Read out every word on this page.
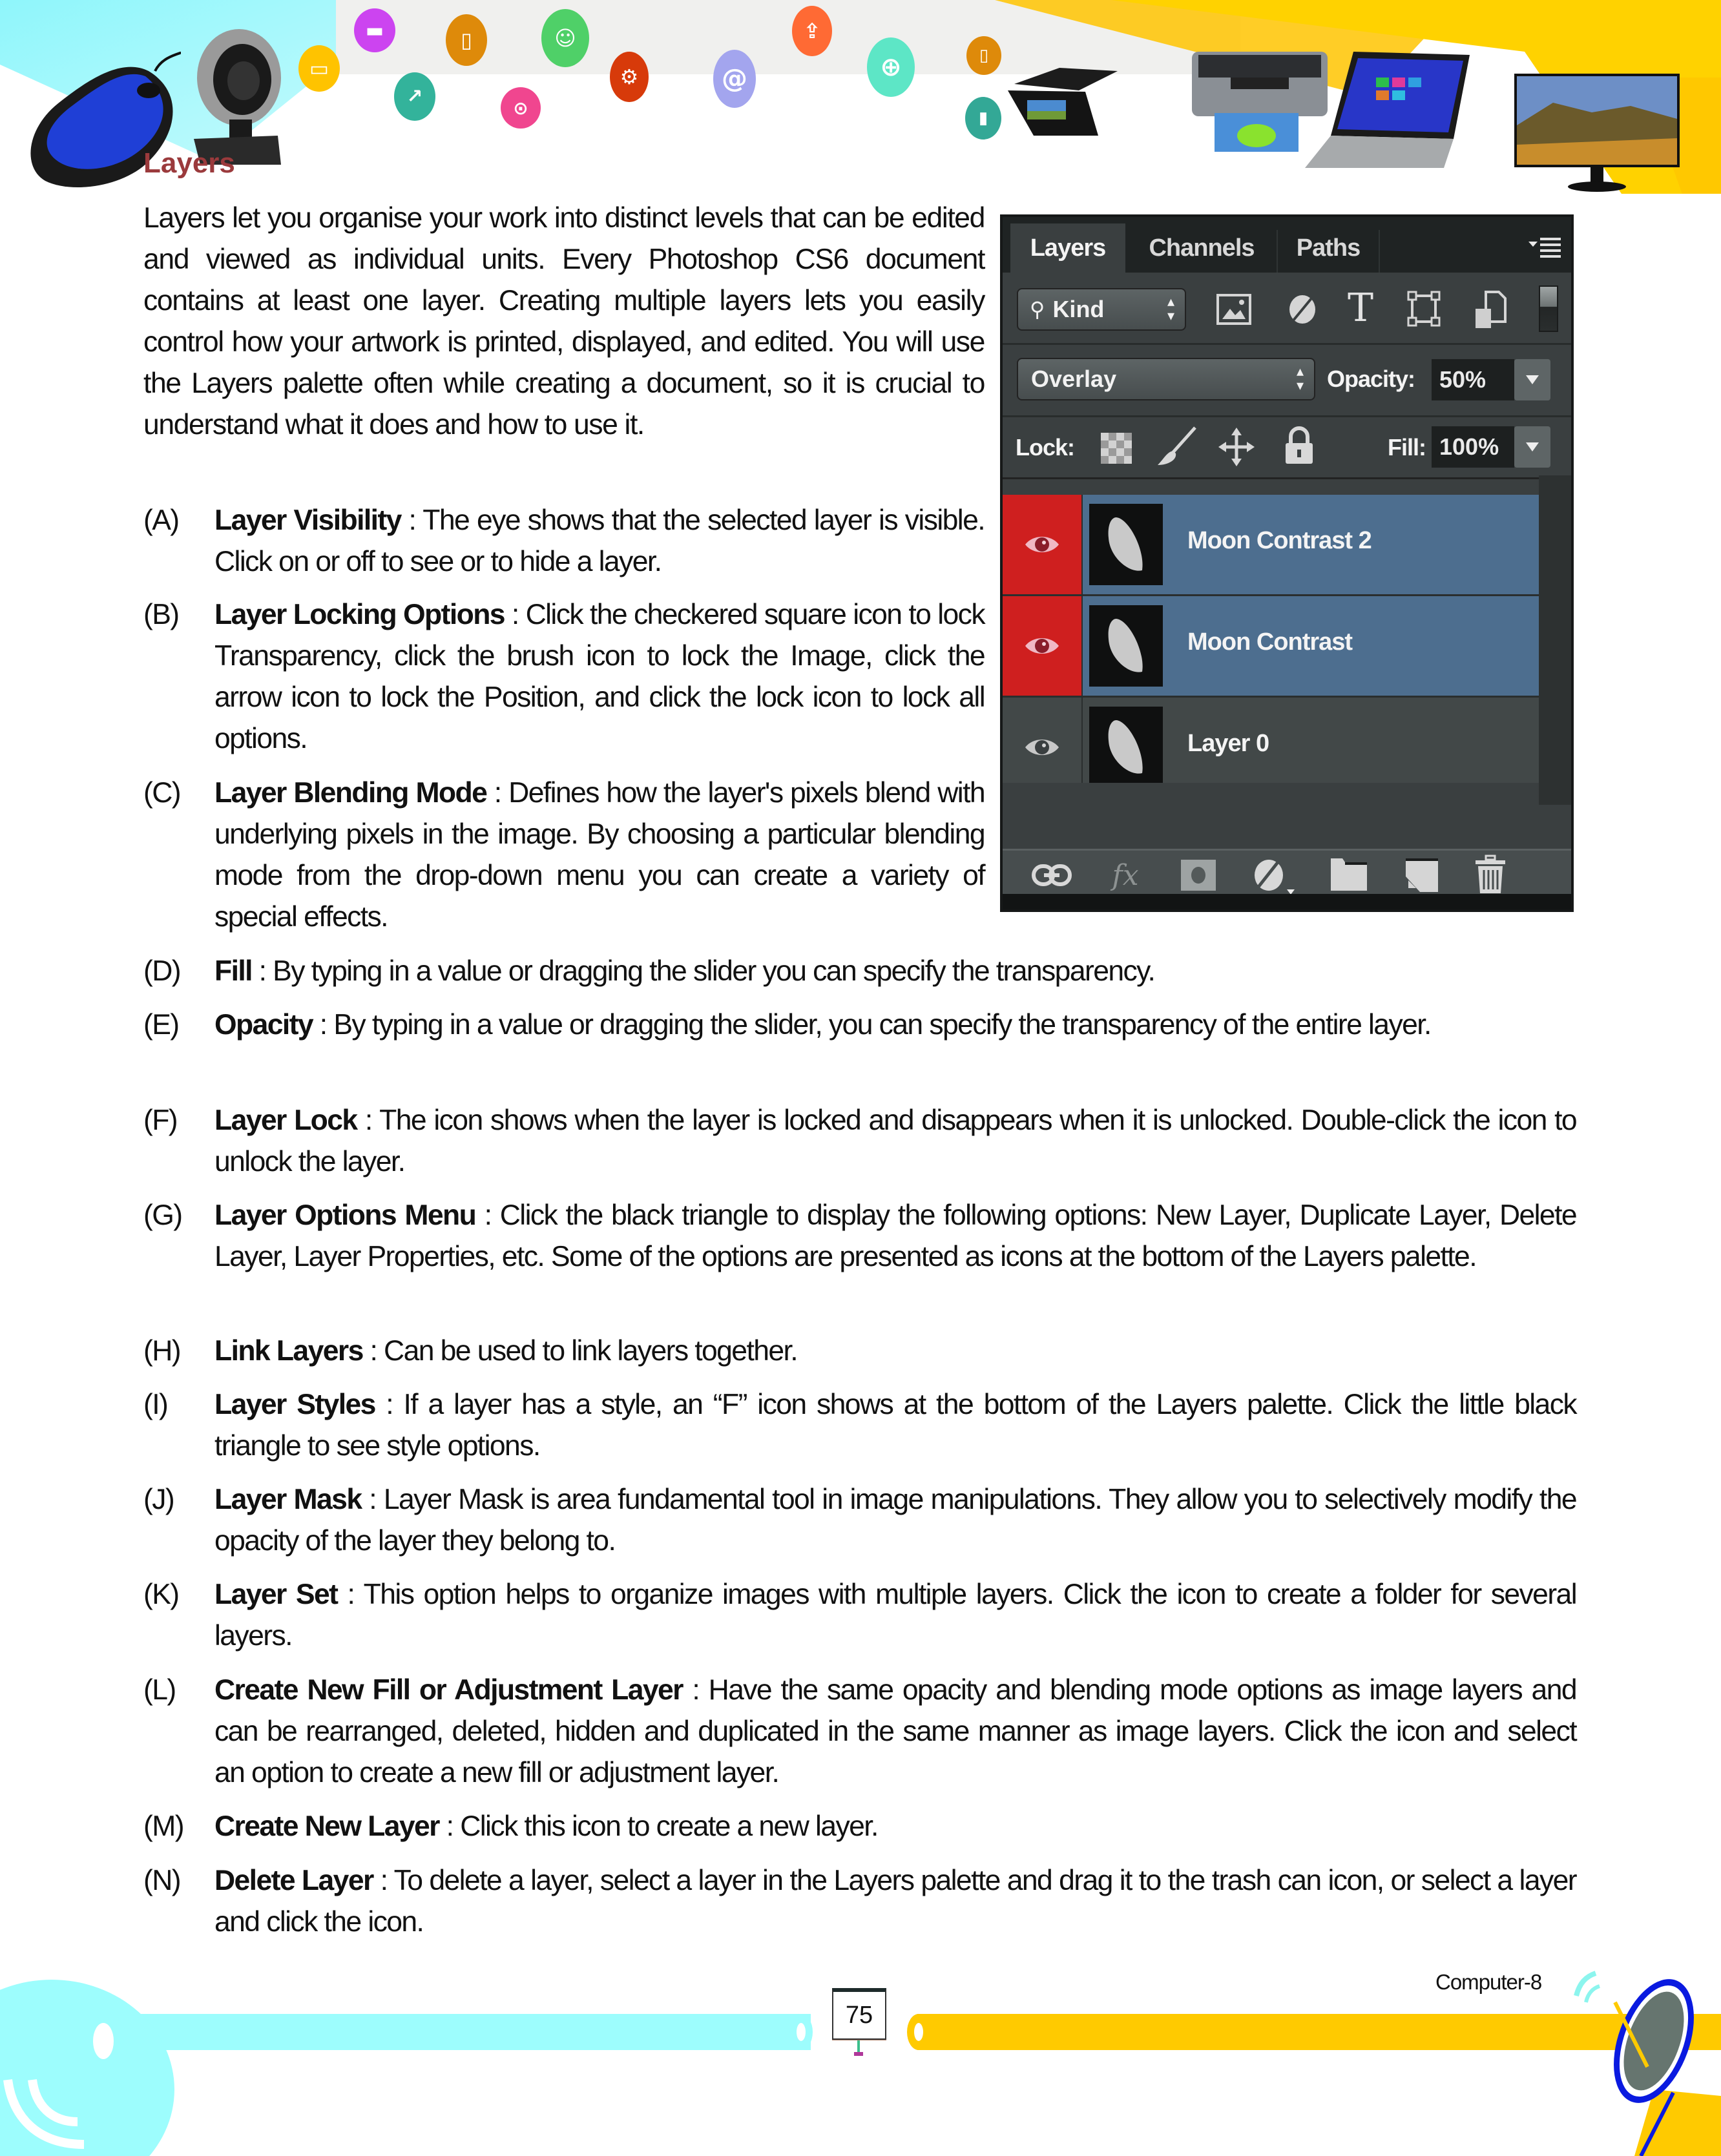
▭
▬
↗
▯
⊙
☺
⚙	@
⇪
⊕	▯
▮
Layers

Layers let you organise your work into distinct levels that can be edited and viewed as individual units. Every Photoshop CS6 document contains at least one layer. Creating multiple layers lets you easily control how your artwork is printed, displayed, and edited. You will use the Layers palette often while creating a document, so it is crucial to understand what it does and how to use it.

(A)	Layer Visibility : The eye shows that the selected layer is visible. Click on or off to see or to hide a layer.
(B)	Layer Locking Options : Click the checkered square icon to lock Transparency, click the brush icon to lock the Image, click the arrow icon to lock the Position, and click the lock icon to lock all options.
(C)	Layer Blending Mode : Defines how the layer's pixels blend with underlying pixels in the image. By choosing a particular blending mode from the drop-down menu you can create a variety of special effects.
(D)	Fill : By typing in a value or dragging the slider you can specify the transparency.
(E)	Opacity : By typing in a value or dragging the slider, you can specify the transparency of the entire layer.
(F)	Layer Lock : The icon shows when the layer is locked and disappears when it is unlocked. Double-click the icon to unlock the layer.
(G)	Layer Options Menu : Click the black triangle to display the following options: New Layer, Duplicate Layer, Delete Layer, Layer Properties, etc. Some of the options are presented as icons at the bottom of the Layers palette.
(H)	Link Layers : Can be used to link layers together.
(I)	Layer Styles : If a layer has a style, an “F” icon shows at the bottom of the Layers palette. Click the little black triangle to see style options.
(J)	Layer Mask : Layer Mask is area fundamental tool in image manipulations. They allow you to selectively modify the opacity of the layer they belong to.
(K)	Layer Set : This option helps to organize images with multiple layers. Click the icon to create a folder for several layers.
(L)	Create New Fill or Adjustment Layer : Have the same opacity and blending mode options as image layers and can be rearranged, deleted, hidden and duplicated in the same manner as image layers. Click the icon and select an option to create a new fill or adjustment layer.
(M)	Create New Layer : Click this icon to create a new layer.
(N)	Delete Layer : To delete a layer, select a layer in the Layers palette and drag it to the trash can icon, or select a layer and click the icon.
Layers	Channels	Paths
⚲ Kind	▴
▾	T
Overlay	▴
▾ Opacity:	50%
Lock:	Fill: 100%
Moon Contrast 2
Moon Contrast
Layer 0
fx
75
Computer-8
